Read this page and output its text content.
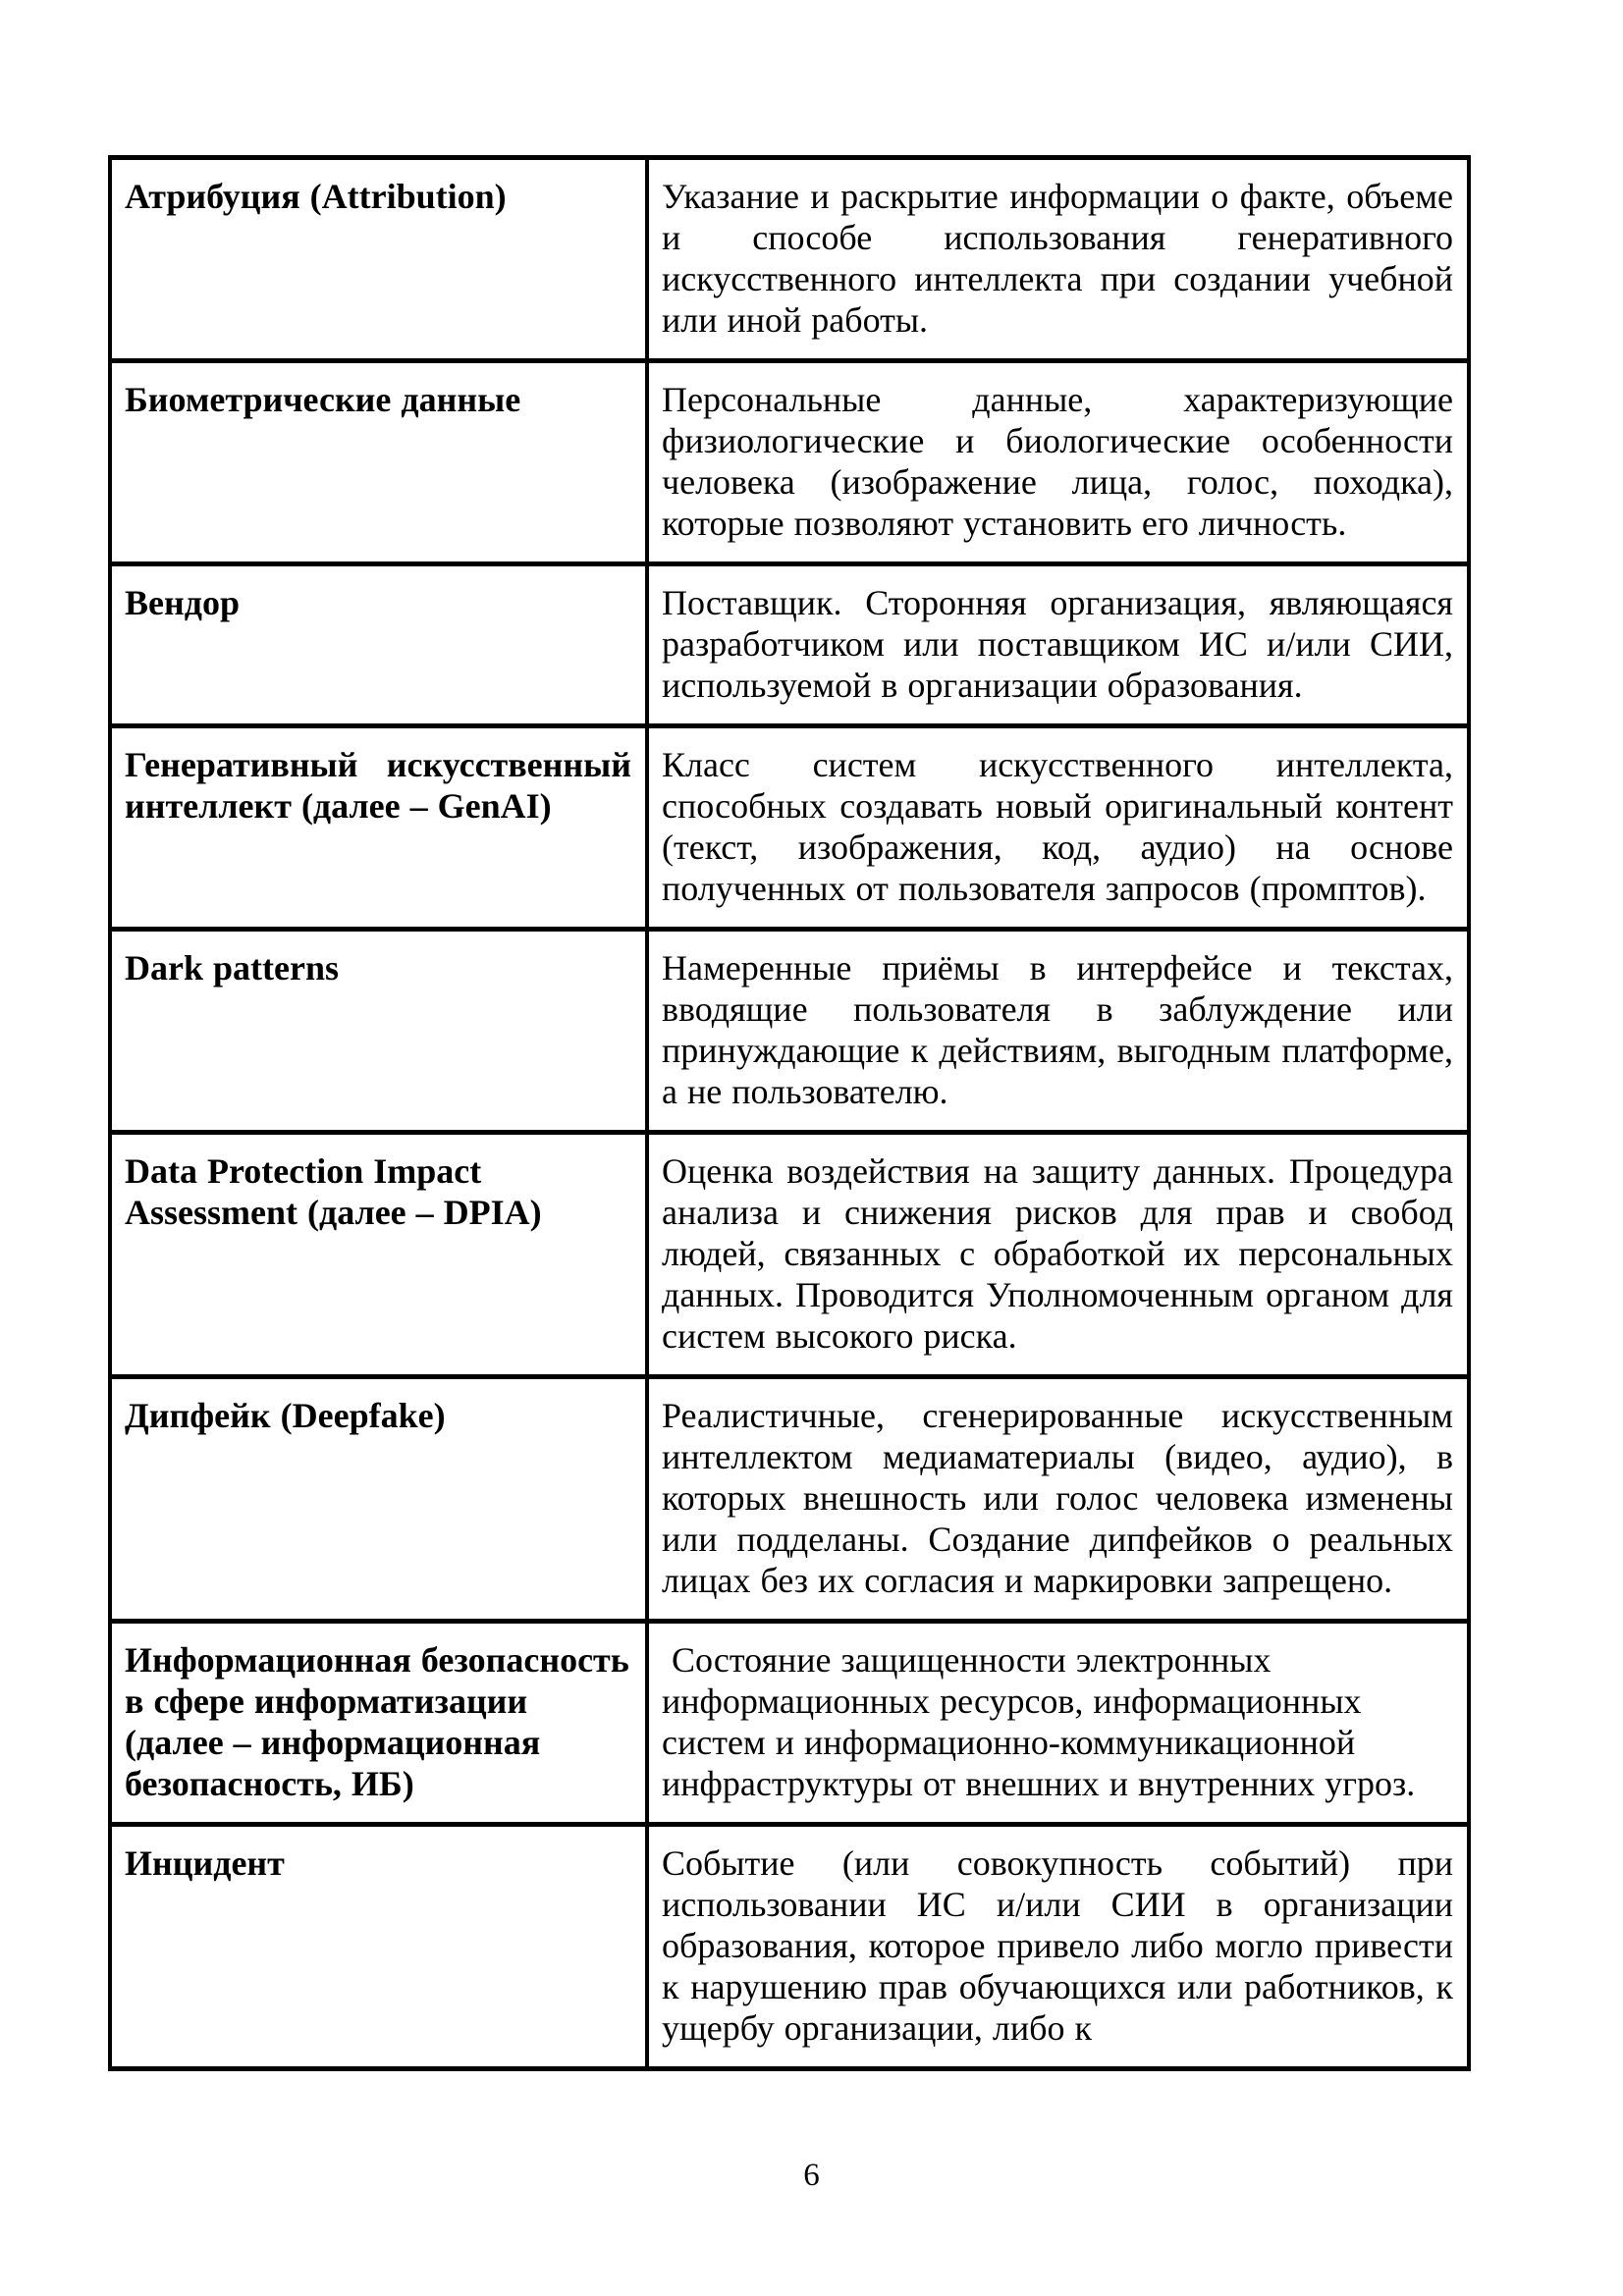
Атрибуция (Attribution)	Указание и раскрытие информации о факте, объеме и способе использования генеративного искусственного интеллекта при создании учебной или иной работы.
Биометрические данные	Персональные данные, характеризующие физиологические и биологические особенности человека (изображение лица, голос, походка), которые позволяют установить его личность.
Вендор	Поставщик. Сторонняя организация, являющаяся разработчиком или поставщиком ИС и/или СИИ, используемой в организации образования.
Генеративный искусственный интеллект (далее – GenAI)	Класс систем искусственного интеллекта, способных создавать новый оригинальный контент (текст, изображения, код, аудио) на основе полученных от пользователя запросов (промптов).
Dark patterns	Намеренные приёмы в интерфейсе и текстах, вводящие пользователя в заблуждение или принуждающие к действиям, выгодным платформе, а не пользователю.
Data Protection Impact Assessment (далее – DPIA)	Оценка воздействия на защиту данных. Процедура анализа и снижения рисков для прав и свобод людей, связанных с обработкой их персональных данных. Проводится Уполномоченным органом для систем высокого риска.
Дипфейк (Deepfake)	Реалистичные, сгенерированные искусственным интеллектом медиаматериалы (видео, аудио), в которых внешность или голос человека изменены или подделаны. Создание дипфейков о реальных лицах без их согласия и маркировки запрещено.
Информационная безопасность в сфере информатизации (далее – информационная безопасность, ИБ)	Состояние защищенности электронных информационных ресурсов, информационных систем и информационно-коммуникационной инфраструктуры от внешних и внутренних угроз.
Инцидент	Событие (или совокупность событий) при использовании ИС и/или СИИ в организации образования, которое привело либо могло привести к нарушению прав обучающихся или работников, к ущербу организации, либо к
6
